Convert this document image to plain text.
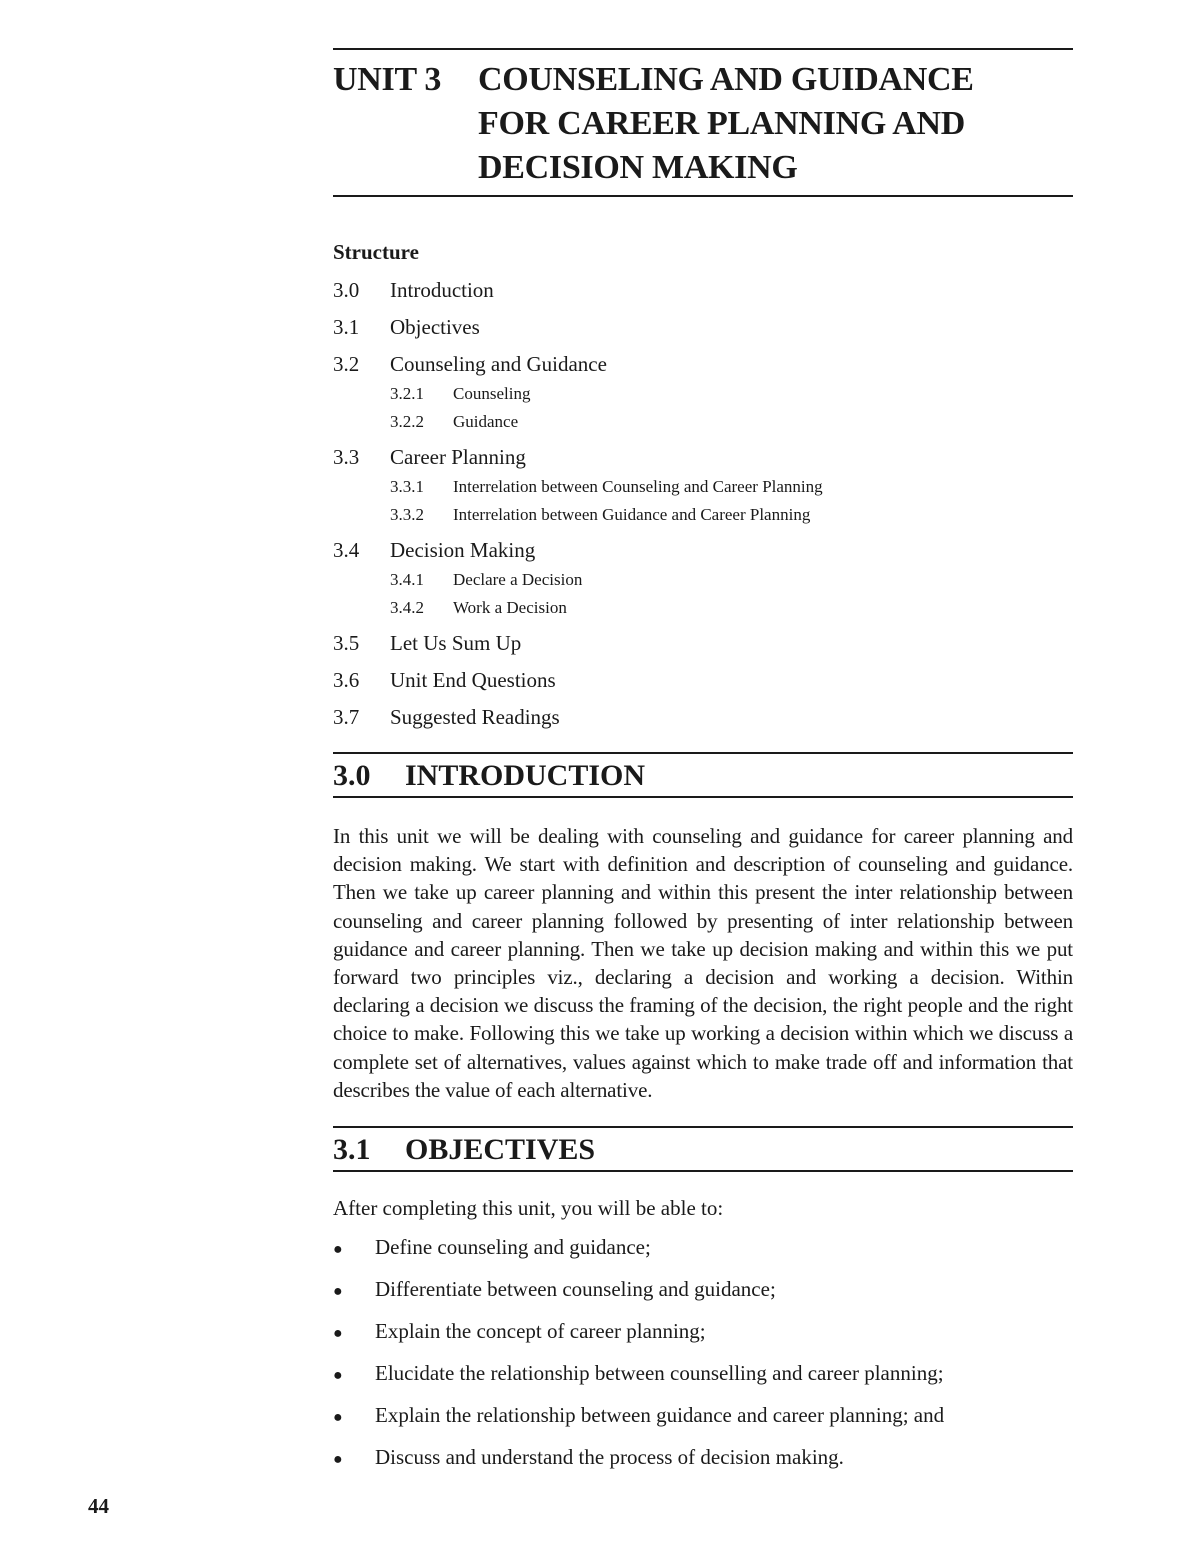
UNIT 3	COUNSELING AND GUIDANCE
FOR CAREER PLANNING AND
DECISION MAKING
Structure
3.0	Introduction
3.1	Objectives
3.2	Counseling and Guidance
3.2.1	Counseling
3.2.2	Guidance
3.3	Career Planning
3.3.1	Interrelation between Counseling and Career Planning
3.3.2	Interrelation between Guidance and Career Planning
3.4	Decision Making
3.4.1	Declare a Decision
3.4.2	Work a Decision
3.5	Let Us Sum Up
3.6	Unit End Questions
3.7	Suggested Readings
3.0	INTRODUCTION

In this unit we will be dealing with counseling and guidance for career planning and decision making. We start with definition and description of counseling and guidance. Then we take up career planning and within this present the inter relationship between counseling and career planning followed by presenting of inter relationship between guidance and career planning. Then we take up decision making and within this we put forward two principles viz., declaring a decision and working a decision. Within declaring a decision we discuss the framing of the decision, the right people and the right choice to make. Following this we take up working a decision within which we discuss a complete set of alternatives, values against which to make trade off and information that describes the value of each alternative.

3.1	OBJECTIVES
After completing this unit, you will be able to:
●	Define counseling and guidance;
●	Differentiate between counseling and guidance;
●	Explain the concept of career planning;
●	Elucidate the relationship between counselling and career planning;
●	Explain the relationship between guidance and career planning; and
●	Discuss and understand the process of decision making.
44
